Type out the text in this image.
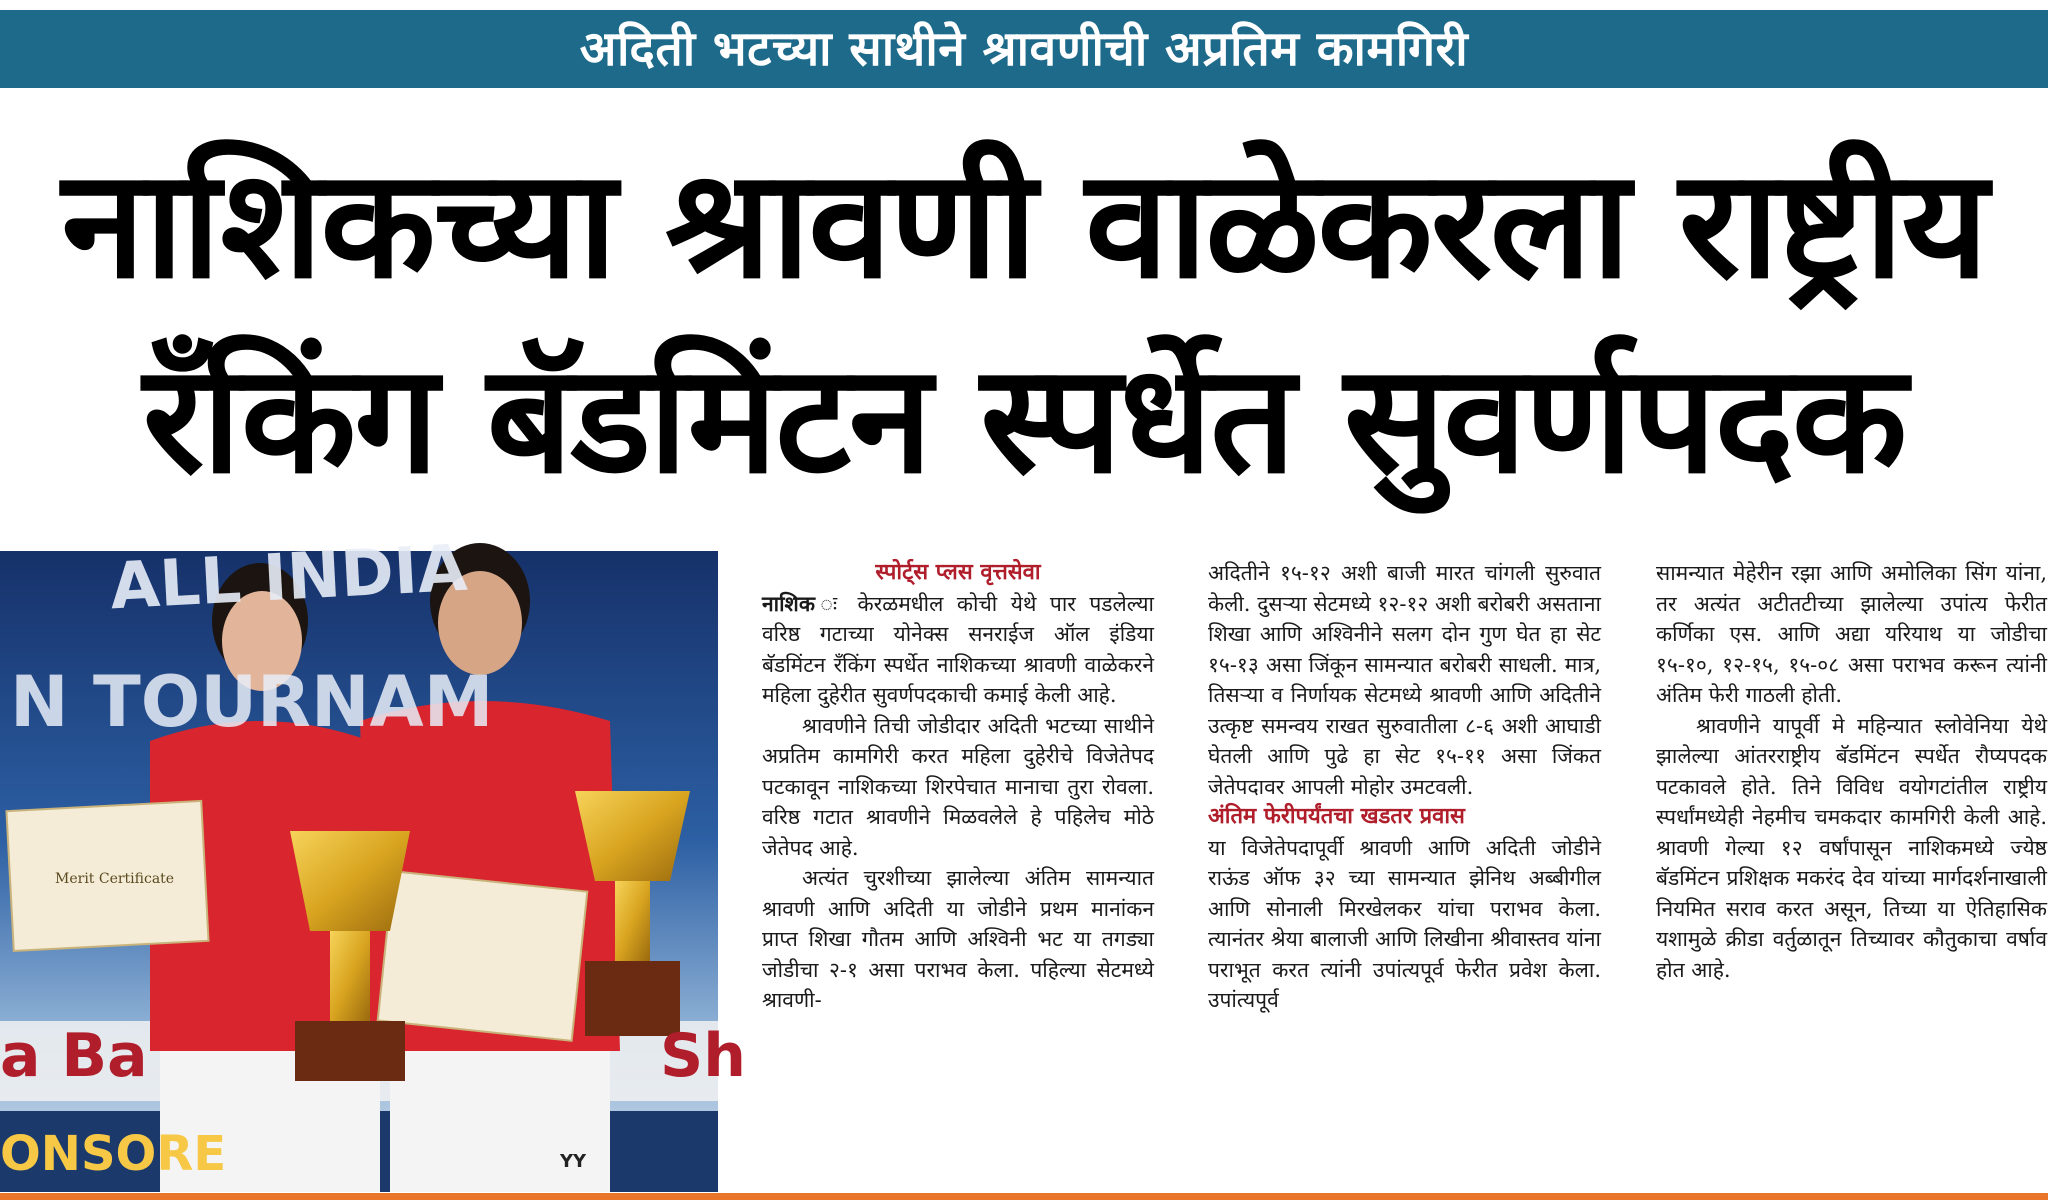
अदिती भटच्या साथीने श्रावणीची अप्रतिम कामगिरी
नाशिकच्या श्रावणी वाळेकरला राष्ट्रीय
रँकिंग बॅडमिंटन स्पर्धेत सुवर्णपदक
ALL INDIA
N TOURNAM
a Ba	Sh
ONSORE
Merit Certificate
YY

स्पोर्ट्स प्लस वृत्तसेवा

नाशिक ः केरळमधील कोची येथे पार पडलेल्या वरिष्ठ गटाच्या योनेक्स सनराईज ऑल इंडिया बॅडमिंटन रँकिंग स्पर्धेत नाशिकच्या श्रावणी वाळेकरने महिला दुहेरीत सुवर्णपदकाची कमाई केली आहे.

श्रावणीने तिची जोडीदार अदिती भटच्या साथीने अप्रतिम कामगिरी करत महिला दुहेरीचे विजेतेपद पटकावून नाशिकच्या शिरपेचात मानाचा तुरा रोवला. वरिष्ठ गटात श्रावणीने मिळवलेले हे पहिलेच मोठे जेतेपद आहे.

अत्यंत चुरशीच्या झालेल्या अंतिम सामन्यात श्रावणी आणि अदिती या जोडीने प्रथम मानांकन प्राप्त शिखा गौतम आणि अश्विनी भट या तगड्या जोडीचा २-१ असा पराभव केला. पहिल्या सेटमध्ये श्रावणी-

अदितीने १५-१२ अशी बाजी मारत चांगली सुरुवात केली. दुसऱ्या सेटमध्ये १२-१२ अशी बरोबरी असताना शिखा आणि अश्विनीने सलग दोन गुण घेत हा सेट १५-१३ असा जिंकून सामन्यात बरोबरी साधली. मात्र, तिसऱ्या व निर्णायक सेटमध्ये श्रावणी आणि अदितीने उत्कृष्ट समन्वय राखत सुरुवातीला ८-६ अशी आघाडी घेतली आणि पुढे हा सेट १५-११ असा जिंकत जेतेपदावर आपली मोहोर उमटवली.

अंतिम फेरीपर्यंतचा खडतर प्रवास

या विजेतेपदापूर्वी श्रावणी आणि अदिती जोडीने राऊंड ऑफ ३२ च्या सामन्यात झेनिथ अब्बीगील आणि सोनाली मिरखेलकर यांचा पराभव केला. त्यानंतर श्रेया बालाजी आणि लिखीना श्रीवास्तव यांना पराभूत करत त्यांनी उपांत्यपूर्व फेरीत प्रवेश केला. उपांत्यपूर्व

सामन्यात मेहेरीन रझा आणि अमोलिका सिंग यांना, तर अत्यंत अटीतटीच्या झालेल्या उपांत्य फेरीत कर्णिका एस. आणि अद्या यरियाथ या जोडीचा १५-१०, १२-१५, १५-०८ असा पराभव करून त्यांनी अंतिम फेरी गाठली होती.

श्रावणीने यापूर्वी मे महिन्यात स्लोवेनिया येथे झालेल्या आंतरराष्ट्रीय बॅडमिंटन स्पर्धेत रौप्यपदक पटकावले होते. तिने विविध वयोगटांतील राष्ट्रीय स्पर्धांमध्येही नेहमीच चमकदार कामगिरी केली आहे. श्रावणी गेल्या १२ वर्षांपासून नाशिकमध्ये ज्येष्ठ बॅडमिंटन प्रशिक्षक मकरंद देव यांच्या मार्गदर्शनाखाली नियमित सराव करत असून, तिच्या या ऐतिहासिक यशामुळे क्रीडा वर्तुळातून तिच्यावर कौतुकाचा वर्षाव होत आहे.
